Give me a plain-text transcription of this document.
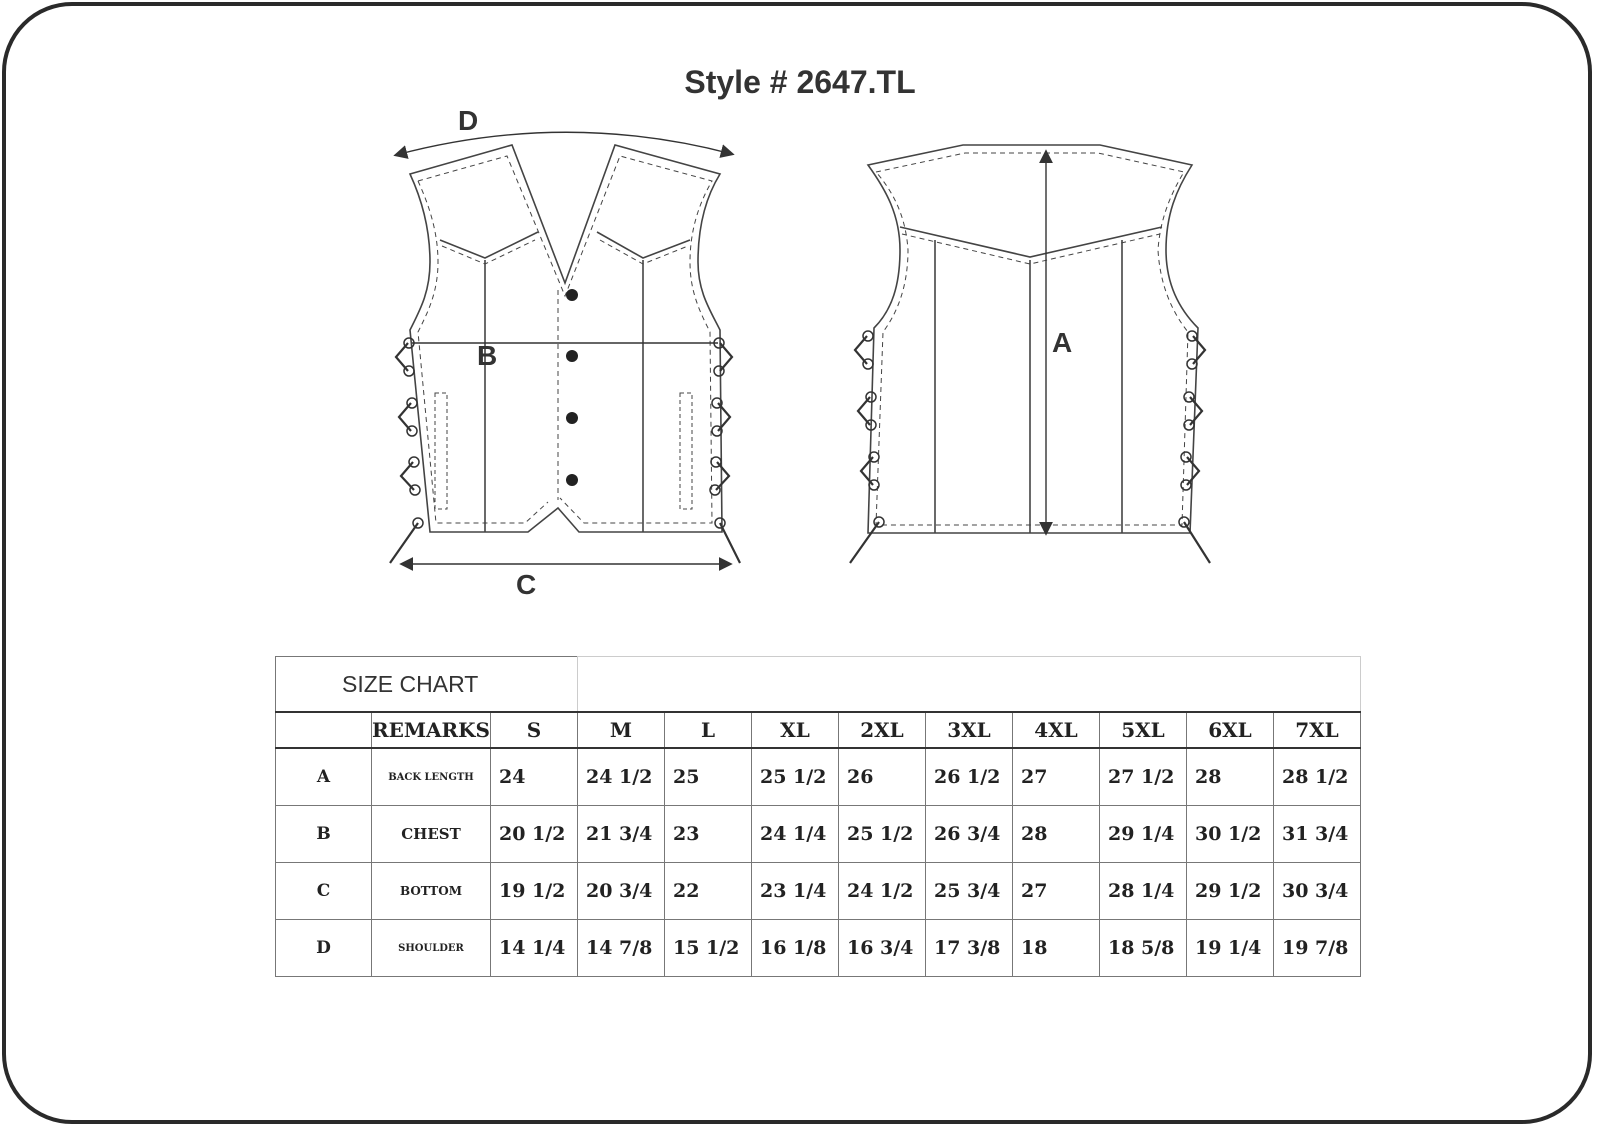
Style # 2647.TL
D
B
C
A
SIZE CHART											
	REMARKS	S	M	L	XL	2XL	3XL	4XL	5XL	6XL	7XL
A	BACK LENGTH	24	24 1/2	25	25 1/2	26	26 1/2	27	27 1/2	28	28 1/2
B	CHEST	20 1/2	21 3/4	23	24 1/4	25 1/2	26 3/4	28	29 1/4	30 1/2	31 3/4
C	BOTTOM	19 1/2	20 3/4	22	23 1/4	24 1/2	25 3/4	27	28 1/4	29 1/2	30 3/4
D	SHOULDER	14 1/4	14 7/8	15 1/2	16 1/8	16 3/4	17 3/8	18	18 5/8	19 1/4	19 7/8
